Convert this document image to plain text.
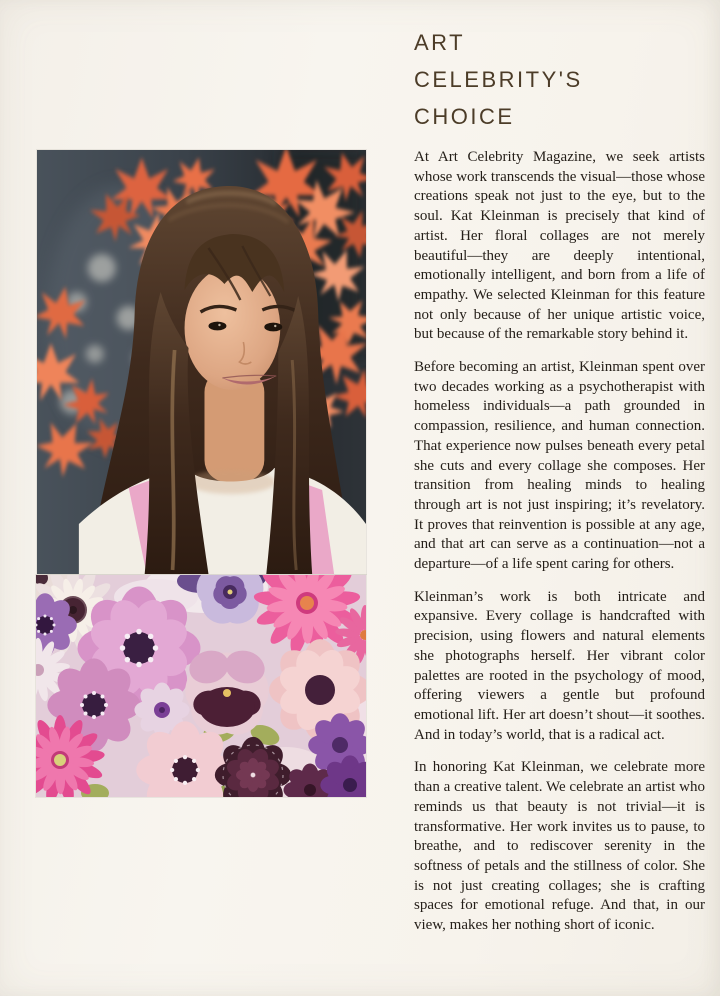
ART
CELEBRITY'S
CHOICE

At Art Celebrity Magazine, we seek artists whose work transcends the visual—those whose creations speak not just to the eye, but to the soul. Kat Kleinman is precisely that kind of artist. Her floral collages are not merely beautiful—they are deeply intentional, emotionally intelligent, and born from a life of empathy. We selected Kleinman for this feature not only because of her unique artistic voice, but because of the remarkable story behind it.

Before becoming an artist, Kleinman spent over two decades working as a psychotherapist with homeless individuals—a path grounded in compassion, resilience, and human connection. That experience now pulses beneath every petal she cuts and every collage she composes. Her transition from healing minds to healing through art is not just inspiring; it’s revelatory. It proves that reinvention is possible at any age, and that art can serve as a continuation—not a departure—of a life spent caring for others.

Kleinman’s work is both intricate and expansive. Every collage is handcrafted with precision, using flowers and natural elements she photographs herself. Her vibrant color palettes are rooted in the psychology of mood, offering viewers a gentle but profound emotional lift. Her art doesn’t shout—it soothes. And in today’s world, that is a radical act.

In honoring Kat Kleinman, we celebrate more than a creative talent. We celebrate an artist who reminds us that beauty is not trivial—it is transformative. Her work invites us to pause, to breathe, and to rediscover serenity in the softness of petals and the stillness of color. She is not just creating collages; she is crafting spaces for emotional refuge. And that, in our view, makes her nothing short of iconic.
